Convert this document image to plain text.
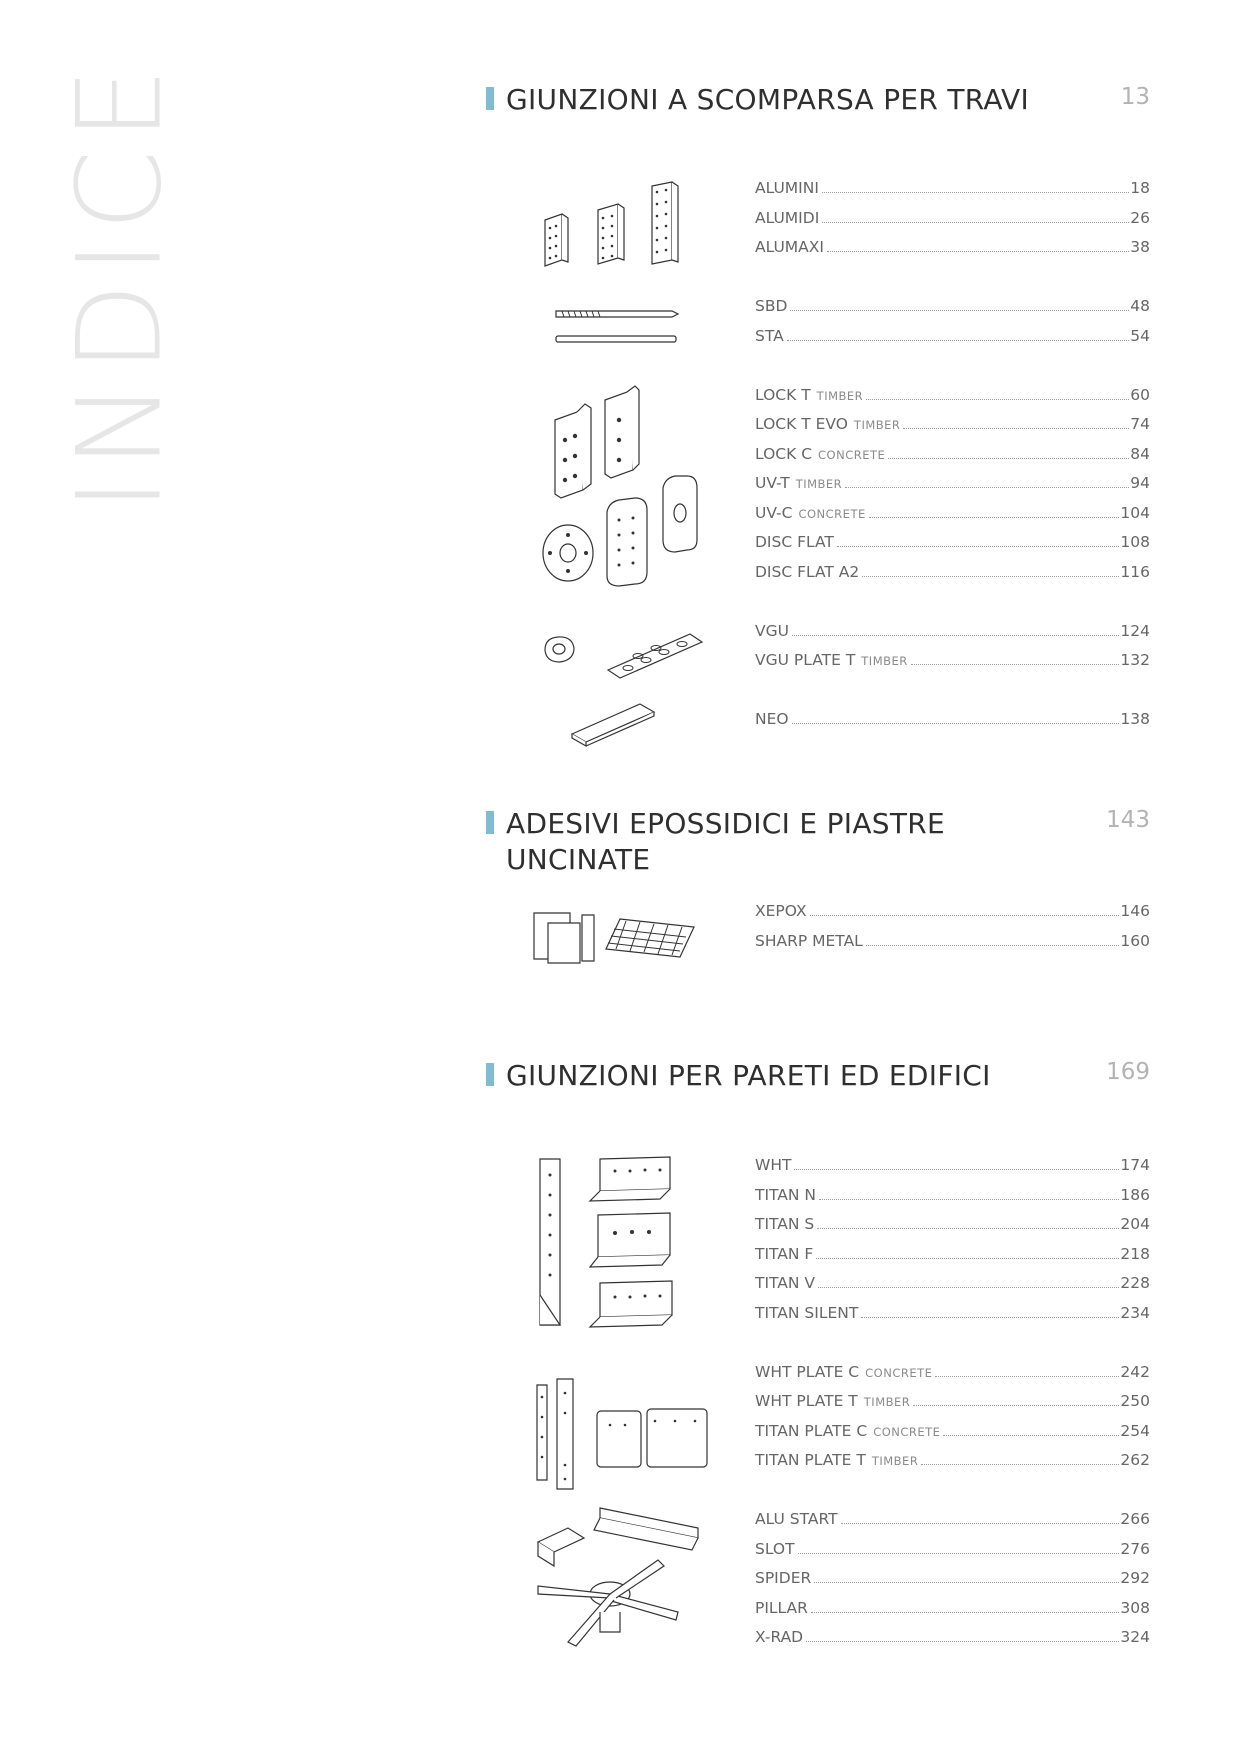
INDICE	GIUNZIONI A SCOMPARSA PER TRAVI	13
ALUMINI	18
ALUMIDI	26
ALUMAXI	38
SBD	48
STA	54
LOCK T TIMBER	60
LOCK T EVO TIMBER	74
LOCK C CONCRETE	84
UV-T TIMBER	94
UV-C CONCRETE	104
DISC FLAT	108
DISC FLAT A2	116
VGU	124
VGU PLATE T TIMBER	132
NEO	138
ADESIVI EPOSSIDICI E PIASTRE
UNCINATE
143
XEPOX	146
SHARP METAL	160
GIUNZIONI PER PARETI ED EDIFICI	169
WHT	174
TITAN N	186
TITAN S	204
TITAN F	218
TITAN V	228
TITAN SILENT	234
WHT PLATE C CONCRETE	242
WHT PLATE T TIMBER	250
TITAN PLATE C CONCRETE	254
TITAN PLATE T TIMBER	262
ALU START	266
SLOT	276
SPIDER	292
PILLAR	308
X-RAD	324
